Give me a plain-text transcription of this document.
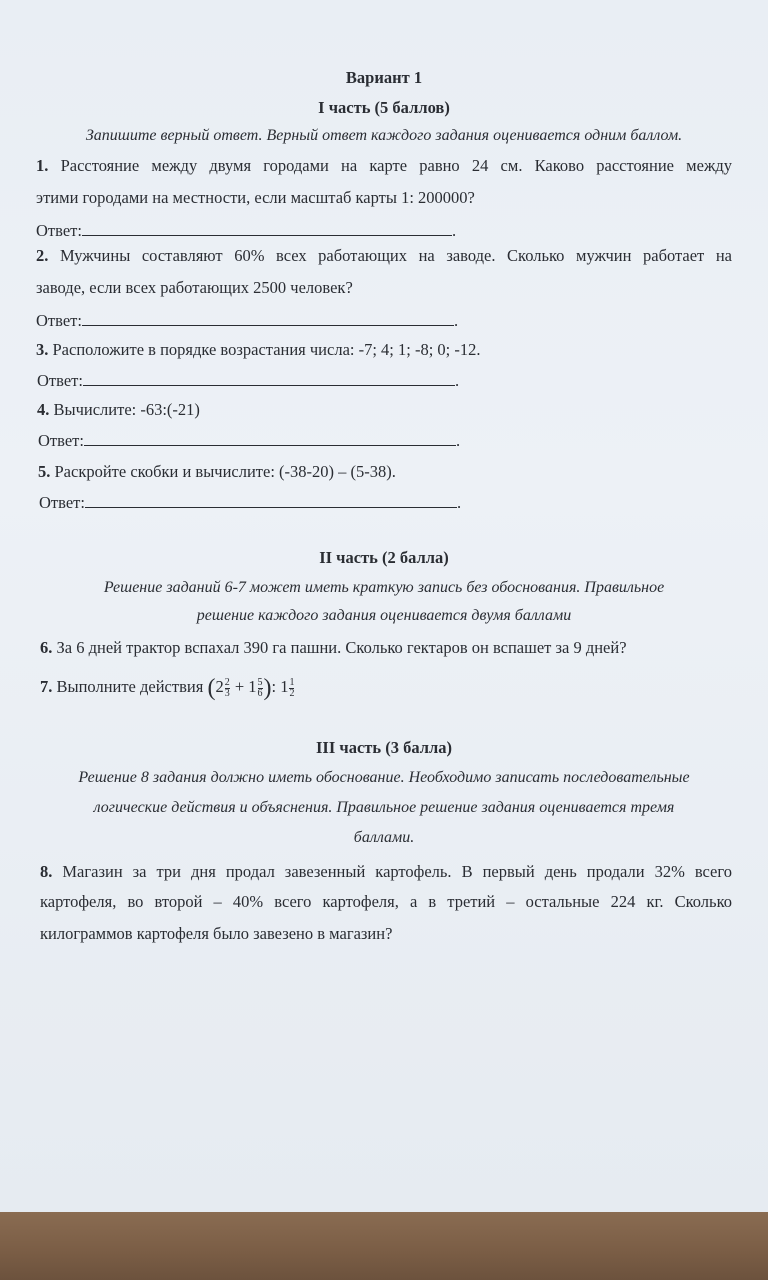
Вариант 1
I часть (5 баллов)
Запишите верный ответ. Верный ответ каждого задания оценивается одним баллом.
1. Расстояние между двумя городами на карте равно 24 см. Каково расстояние между
этими городами на местности, если масштаб карты 1: 200000?
Ответ:	.
2. Мужчины составляют 60% всех работающих на заводе. Сколько мужчин работает на
заводе, если всех работающих 2500 человек?
Ответ:	.
3. Расположите в порядке возрастания числа: -7; 4; 1; -8; 0; -12.
Ответ:	.
4. Вычислите: -63:(-21)
Ответ:	.
5. Раскройте скобки и вычислите: (-38-20) – (5-38).
Ответ:	.
II часть (2 балла)
Решение заданий 6-7 может иметь краткую запись без обоснования. Правильное
решение каждого задания оценивается двумя баллами
6. За 6 дней трактор вспахал 390 га пашни. Сколько гектаров он вспашет за 9 дней?
7. Выполните действия ($2 \frac{2}{3} + 1 \frac{5}{6}$ ): $1 \frac{1}{2}$
III часть (3 балла)
Решение 8 задания должно иметь обоснование. Необходимо записать последовательные
логические действия и объяснения. Правильное решение задания оценивается тремя
баллами.
8. Магазин за три дня продал завезенный картофель. В первый день продали 32% всего
картофеля, во второй – 40% всего картофеля, а в третий – остальные 224 кг. Сколько
килограммов картофеля было завезено в магазин?
